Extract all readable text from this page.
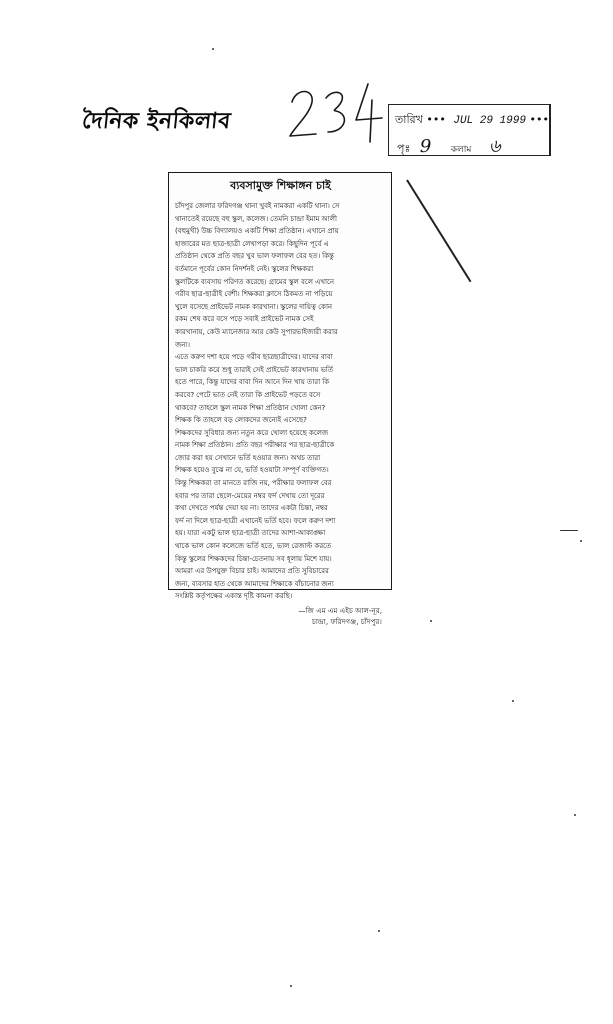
দৈনিক ইনকিলাব	তারিখ ••• JUL 29 1999 •••
পৃঃ 9 কলাম ৬
ব্যবসামুক্ত শিক্ষাঙ্গন চাই
চাঁদপুর জেলার ফরিদগঞ্জ থানা খুবই নামকরা একটি থানা। সে
থানাতেই রয়েছে বহু স্কুল, কলেজ। তেমনি চান্দ্রা ইমাম আলী
(বহুমুখী) উচ্চ বিদ্যালয়ও একটি শিক্ষা প্রতিষ্ঠান। এখানে প্রায়
হাজারের মত ছাত্র-ছাত্রী লেখাপড়া করে। কিছুদিন পূর্বে এ
প্রতিষ্ঠান থেকে প্রতি বছর খুব ভাল ফলাফল বের হত। কিন্তু
বর্তমানে পূর্বের কোন নিদর্শনই নেই। স্কুলের শিক্ষকরা
স্কুলটিকে ব্যবসায় পরিণত করেছে। গ্রামের স্কুল বলে এখানে
গরীব ছাত্র-ছাত্রীই বেশী। শিক্ষকরা ক্লাসে ঠিকমত না পড়িয়ে
খুলে বসেছে প্রাইভেট নামক কারখানা। স্কুলের দায়িত্ব কোন
রকম শেষ করে বসে পড়ে সবাই প্রাইভেট নামক সেই
কারখানায়, কেউ ম্যানেজার আর কেউ সুপারভাইজারী করার
জন্য।
এতে করুণ দশা হয়ে পড়ে গরীব ছাত্রছাত্রীদের। যাদের বাবা
ভাল চাকরি করে শুধু তারাই সেই প্রাইভেট কারখানায় ভর্তি
হতে পারে, কিন্তু যাদের বাবা দিন আনে দিন খায় তারা কি
করবে? পেটে ভাত নেই তারা কি প্রাইভেট পড়তে বসে
থাকবে? তাহলে স্কুল নামক শিক্ষা প্রতিষ্ঠান খোলা কেন?
শিক্ষক কি তাহলে বড় লোকদের জন্যেই এসেছে?
শিক্ষকদের সুবিধার জন্য নতুন করে খোলা হয়েছে কলেজ
নামক শিক্ষা প্রতিষ্ঠান। প্রতি বছর পরীক্ষার পর ছাত্র-ছাত্রীকে
জোর করা হয় সেখানে ভর্তি হওয়ার জন্য। অথচ তারা
শিক্ষক হয়েও বুঝে না যে, ভর্তি হওয়াটা সম্পূর্ণ ব্যক্তিগত।
কিন্তু শিক্ষকরা তা মানতে রাজি নয়, পরীক্ষার ফলাফল বের
হবার পর তারা ছেলে-মেয়ের নম্বর ফর্দ দেখায় তো দূরের
কথা দেখতে পর্যন্ত দেয়া হয় না। তাদের একটা চিন্তা, নম্বর
ফর্দ না দিলে ছাত্র-ছাত্রী এখানেই ভর্তি হবে। ফলে করুণ দশা
হয়। যারা একটু ভাল ছাত্র-ছাত্রী তাদের আশা-আকাঙ্ক্ষা
থাকে ভাল কোন কলেজে ভর্তি হতে, ভাল রেজাল্ট করতে
কিন্তু স্কুলের শিক্ষকদের চিন্তা-চেতনায় সব ধূলায় মিশে যায়।
আমরা এর উপযুক্ত বিচার চাই। আমাদের প্রতি সুবিচারের
জন্য, ব্যবসার হাত থেকে আমাদের শিক্ষাকে বাঁচানোর জন্য
সংশ্লিষ্ট কর্তৃপক্ষের একান্ত দৃষ্টি কামনা করছি।
—জি এম এম এইচ আল-নূর,
চান্দ্রা, ফরিদগঞ্জ, চাঁদপুর।
